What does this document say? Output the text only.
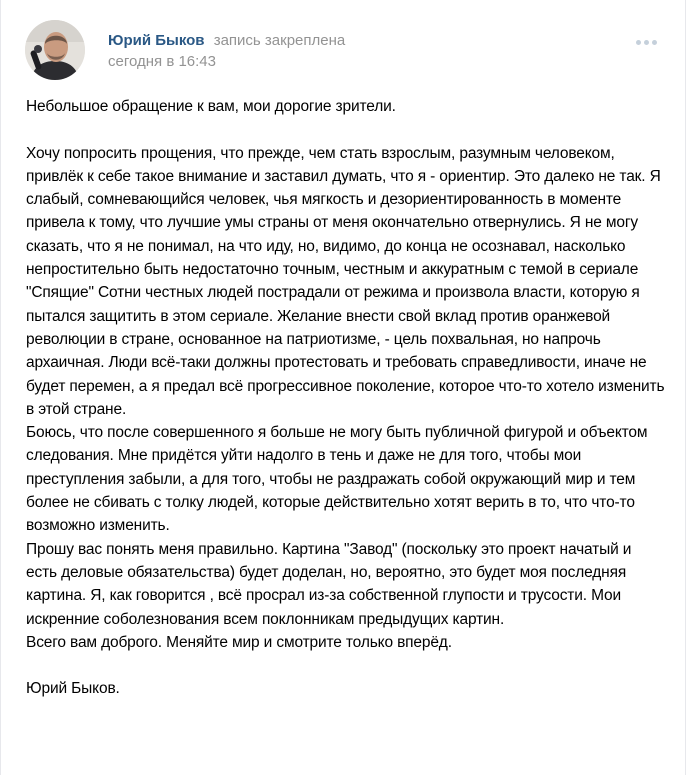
Юрий Быков запись закреплена
сегодня в 16:43

Небольшое обращение к вам, мои дорогие зрители.

Хочу попросить прощения, что прежде, чем стать взрослым, разумным человеком, привлёк к себе такое внимание и заставил думать, что я - ориентир. Это далеко не так. Я слабый, сомневающийся человек, чья мягкость и дезориентированность в моменте привела к тому, что лучшие умы страны от меня окончательно отвернулись. Я не могу сказать, что я не понимал, на что иду, но, видимо, до конца не осознавал, насколько непростительно быть недостаточно точным, честным и аккуратным с темой в сериале "Спящие" Сотни честных людей пострадали от режима и произвола власти, которую я пытался защитить в этом сериале. Желание внести свой вклад против оранжевой революции в стране, основанное на патриотизме, - цель похвальная, но напрочь архаичная. Люди всё-таки должны протестовать и требовать справедливости, иначе не будет перемен, а я предал всё прогрессивное поколение, которое что-то хотело изменить в этой стране.

Боюсь, что после совершенного я больше не могу быть публичной фигурой и объектом следования. Мне придётся уйти надолго в тень и даже не для того, чтобы мои преступления забыли, а для того, чтобы не раздражать собой окружающий мир и тем более не сбивать с толку людей, которые действительно хотят верить в то, что что-то возможно изменить.

Прошу вас понять меня правильно. Картина "Завод" (поскольку это проект начатый и есть деловые обязательства) будет доделан, но, вероятно, это будет моя последняя картина. Я, как говорится , всё просрал из-за собственной глупости и трусости. Мои искренние соболезнования всем поклонникам предыдущих картин.

Всего вам доброго. Меняйте мир и смотрите только вперёд.

Юрий Быков.
